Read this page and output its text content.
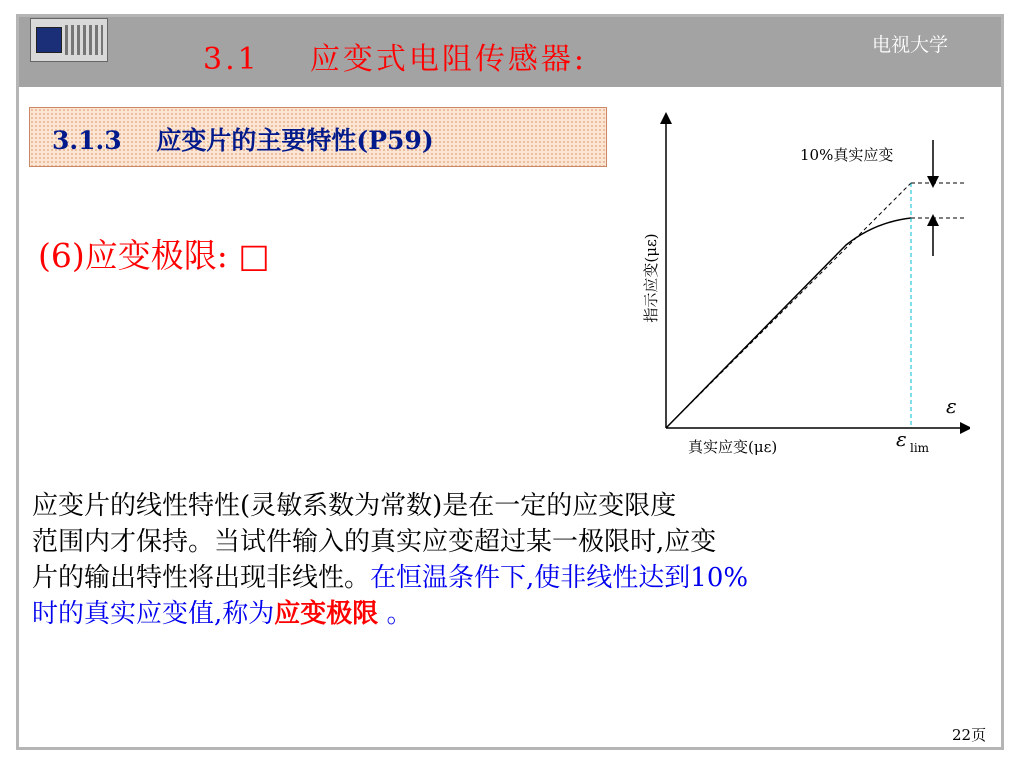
3.1    应变式电阻传感器:	电视大学
3.1.3    应变片的主要特性(P59)
(6)应变极限: □
10%真实应变
指示应变(με)
真实应变(με)
ε
ε lim

应变片的线性特性(灵敏系数为常数)是在一定的应变限度

范围内才保持。当试件输入的真实应变超过某一极限时,应变

片的输出特性将出现非线性。在恒温条件下,使非线性达到10%

时的真实应变值,称为应变极限 。

22页
